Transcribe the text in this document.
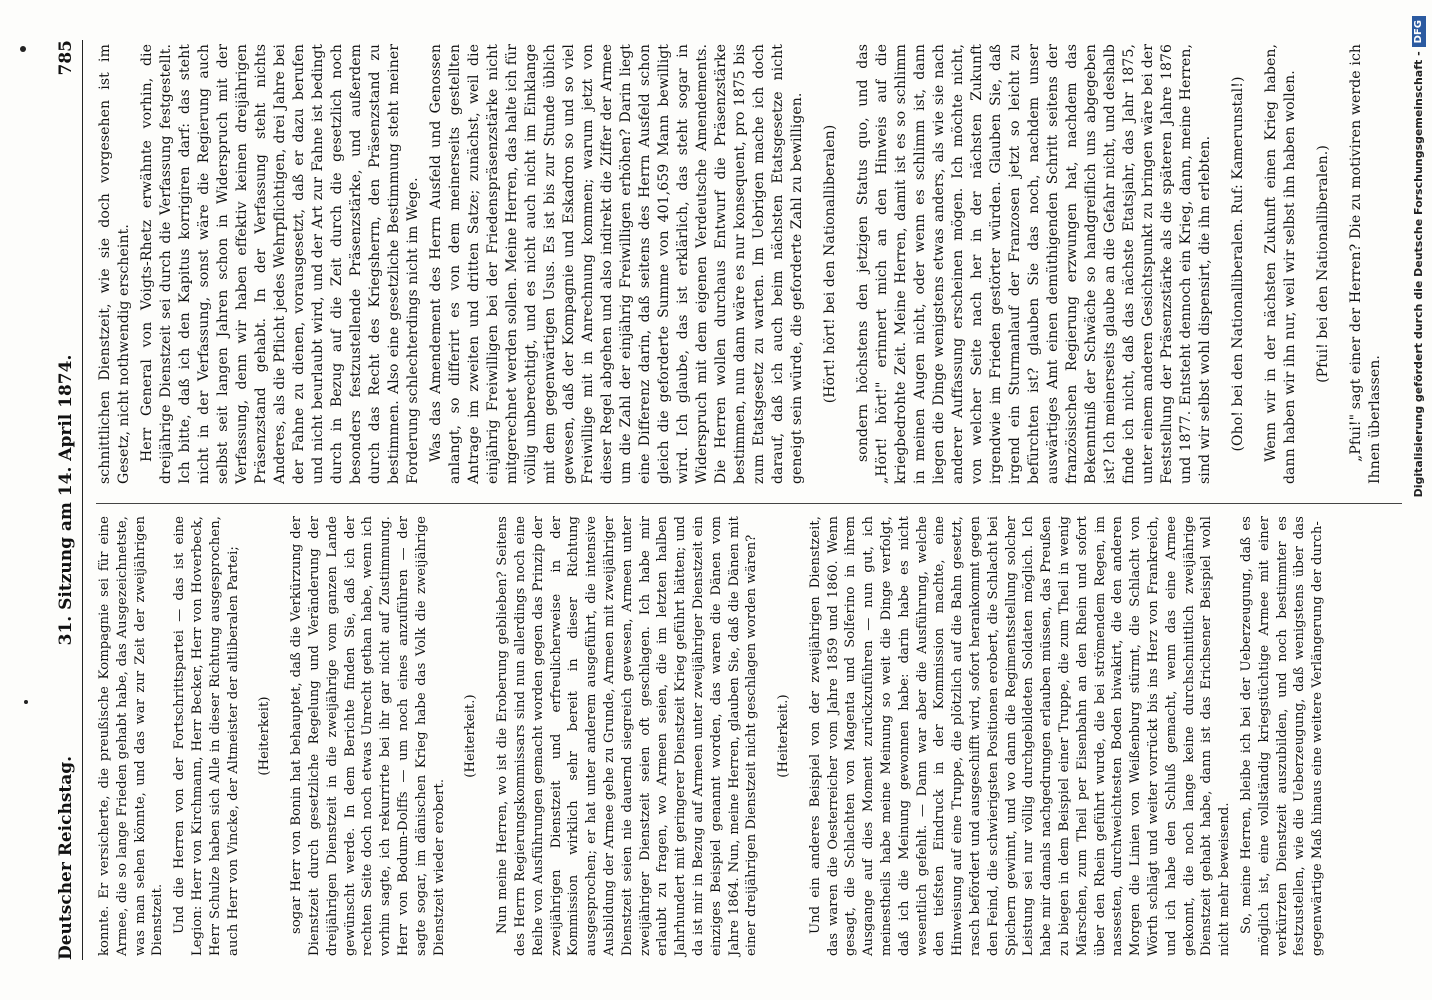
Deutscher Reichstag.
31. Sitzung am 14. April 1874.
785

konnte. Er versicherte, die preußische Kompagnie sei für eine Armee, die so lange Frieden gehabt habe, das Ausgezeichnetste, was man sehen könnte, und das war zur Zeit der zweijährigen Dienstzeit. Und die Herren von der Fortschrittspartei — das ist eine Legion: Herr von Kirchmann, Herr Becker, Herr von Hoverbeck, Herr Schulze haben sich Alle in dieser Richtung ausgesprochen, auch Herr von Vincke, der Altmeister der altliberalen Partei; (Heiterkeit) sogar Herr von Bonin hat behauptet, daß die Verkürzung der Dienstzeit durch gesetzliche Regelung und Veränderung der dreijährigen Dienstzeit in die zweijährige vom ganzen Lande gewünscht werde. In dem Berichte finden Sie, daß ich der rechten Seite doch noch etwas Unrecht gethan habe, wenn ich vorhin sagte, ich rekurrirte bei ihr gar nicht auf Zustimmung. Herr von Bodum-Dolffs — um noch eines anzuführen — der sagte sogar, im dänischen Krieg habe das Volk die zweijährige Dienstzeit wieder erobert.

(Heiterkeit.) Nun meine Herren, wo ist die Eroberung geblieben? Seitens des Herrn Regierungskommissars sind nun allerdings noch eine Reihe von Ausführungen gemacht worden gegen das Prinzip der zweijährigen Dienstzeit und erfreulicherweise in der Kommission wirklich sehr bereit in dieser Richtung ausgesprochen; er hat unter anderem ausgeführt, die intensive Ausbildung der Armee gehe zu Grunde, Armeen mit zweijähriger Dienstzeit seien nie dauernd siegreich gewesen, Armeen unter zweijähriger Dienstzeit seien oft geschlagen. Ich habe mir erlaubt zu fragen, wo Armeen seien, die im letzten halben Jahrhundert mit geringerer Dienstzeit Krieg geführt hätten; und da ist mir in Bezug auf Armeen unter zweijähriger Dienstzeit ein einziges Beispiel genannt worden, das waren die Dänen vom Jahre 1864. Nun, meine Herren, glauben Sie, daß die Dänen mit einer dreijährigen Dienstzeit nicht geschlagen worden wären? (Heiterkeit.) Und ein anderes Beispiel von der zweijährigen Dienstzeit, das waren die Oesterreicher vom Jahre 1859 und 1860. Wenn gesagt, die Schlachten von Magenta und Solferino in ihrem Ausgange auf dies Moment zurückzuführen — nun gut, ich meinestheils habe meine Meinung so weit die Dinge verfolgt, daß ich die Meinung gewonnen habe: darin habe es nicht wesentlich gefehlt. — Dann war aber die Ausführung, welche den tiefsten Eindruck in der Kommission machte, eine Hinweisung auf eine Truppe, die plötzlich auf die Bahn gesetzt, rasch befördert und ausgeschifft wird, sofort herankommt gegen den Feind, die schwierigsten Positionen erobert, die Schlacht bei Spichern gewinnt, und wo dann die Regimentsstellung solcher Leistung sei nur völlig durchgebildeten Soldaten möglich. Ich habe mir damals nachgedrungen erlauben müssen, das Preußen zu biegen in dem Beispiel einer Truppe, die zum Theil in wenig Märschen, zum Theil per Eisenbahn an den Rhein und sofort über den Rhein geführt wurde, die bei strömendem Regen, im nassesten, durchweichtesten Boden biwakirt, die den anderen Morgen die Linien von Weißenburg stürmt, die Schlacht von Wörth schlägt und weiter vorrückt bis ins Herz von Frankreich, und ich habe den Schluß gemacht, wenn das eine Armee gekonnt, die noch lange keine durchschnittlich zweijährige Dienstzeit gehabt habe, dann ist das Erichsener Beispiel wohl nicht mehr beweisend. So, meine Herren, bleibe ich bei der Ueberzeugung, daß es möglich ist, eine vollständig kriegstüchtige Armee mit einer verkürzten Dienstzeit auszubilden, und noch bestimmter es festzustellen, wie die Ueberzeugung, daß wenigstens über das gegenwärtige Maß hinaus eine weitere Verlängerung der durch-

schnittlichen Dienstzeit, wie sie doch vorgesehen ist im Gesetz, nicht nothwendig erscheint. Herr General von Voigts-Rhetz erwähnte vorhin, die dreijährige Dienstzeit sei durch die Verfassung festgestellt. Ich bitte, daß ich den Kapitus korrigiren darf: das steht nicht in der Verfassung, sonst wäre die Regierung auch selbst seit langen Jahren schon in Widerspruch mit der Verfassung, denn wir haben effektiv keinen dreijährigen Präsenzstand gehabt. In der Verfassung steht nichts Anderes, als die Pflicht jedes Wehrpflichtigen, drei Jahre bei der Fahne zu dienen, vorausgesetzt, daß er dazu berufen und nicht beurlaubt wird, und der Art zur Fahne ist bedingt durch in Bezug auf die Zeit durch die gesetzlich noch besonders festzustellende Präsenzstärke, und außerdem durch das Recht des Kriegsherrn, den Präsenzstand zu bestimmen. Also eine gesetzliche Bestimmung steht meiner Forderung schlechterdings nicht im Wege. Was das Amendement des Herrn Ausfeld und Genossen anlangt, so differirt es von dem meinerseits gestellten Antrage im zweiten und dritten Satze; zunächst, weil die einjährig Freiwilligen bei der Friedenspräsenzstärke nicht mitgerechnet werden sollen. Meine Herren, das halte ich für völlig unberechtigt, und es nicht auch nicht im Einklange mit dem gegenwärtigen Usus. Es ist bis zur Stunde üblich gewesen, daß der Kompagnie und Eskadron so und so viel Freiwillige mit in Anrechnung kommen; warum jetzt von dieser Regel abgehen und also indirekt die Ziffer der Armee um die Zahl der einjährig Freiwilligen erhöhen? Darin liegt eine Differenz darin, daß seitens des Herrn Ausfeld schon gleich die geforderte Summe von 401,659 Mann bewilligt wird. Ich glaube, das ist erklärlich, das steht sogar in Widerspruch mit dem eigenen Verdeutsche Amendements. Die Herren wollen durchaus Entwurf die Präsenzstärke bestimmen, nun dann wäre es nur konsequent, pro 1875 bis zum Etatsgesetz zu warten. Im Uebrigen mache ich doch darauf, daß ich auch beim nächsten Etatsgesetze nicht geneigt sein würde, die geforderte Zahl zu bewilligen. (Hört! hört! bei den Nationalliberalen) sondern höchstens den jetzigen Status quo, und das „Hört! hört!" erinnert mich an den Hinweis auf die kriegbedrohte Zeit. Meine Herren, damit ist es so schlimm in meinen Augen nicht, oder wenn es schlimm ist, dann liegen die Dinge wenigstens etwas anders, als wie sie nach anderer Auffassung erscheinen mögen. Ich möchte nicht, von welcher Seite nach her in der nächsten Zukunft irgendwie im Frieden gestörter würden. Glauben Sie, daß irgend ein Sturmanlauf der Franzosen jetzt so leicht zu befürchten ist? glauben Sie das noch, nachdem unser auswärtiges Amt einen demüthigenden Schritt seitens der französischen Regierung erzwungen hat, nachdem das Bekenntniß der Schwäche so handgreiflich uns abgegeben ist? Ich meinerseits glaube an die Gefahr nicht, und deshalb finde ich nicht, daß das nächste Etatsjahr, das Jahr 1875, unter einem anderen Gesichtspunkt zu bringen wäre bei der Feststellung der Präsenzstärke als die späteren Jahre 1876 und 1877. Entsteht dennoch ein Krieg, dann, meine Herren, sind wir selbst wohl dispensirt, die ihn erlebten. (Oho! bei den Nationalliberalen. Ruf: Kamerunstal!) Wenn wir in der nächsten Zukunft einen Krieg haben, dann haben wir ihn nur, weil wir selbst ihn haben wollen. (Pfui! bei den Nationalliberalen.) „Pfui!" sagt einer der Herren? Die zu motiviren werde ich Ihnen überlassen.	Digitalisierung gefördert durch die Deutsche Forschungsgemeinschaft -DFG
